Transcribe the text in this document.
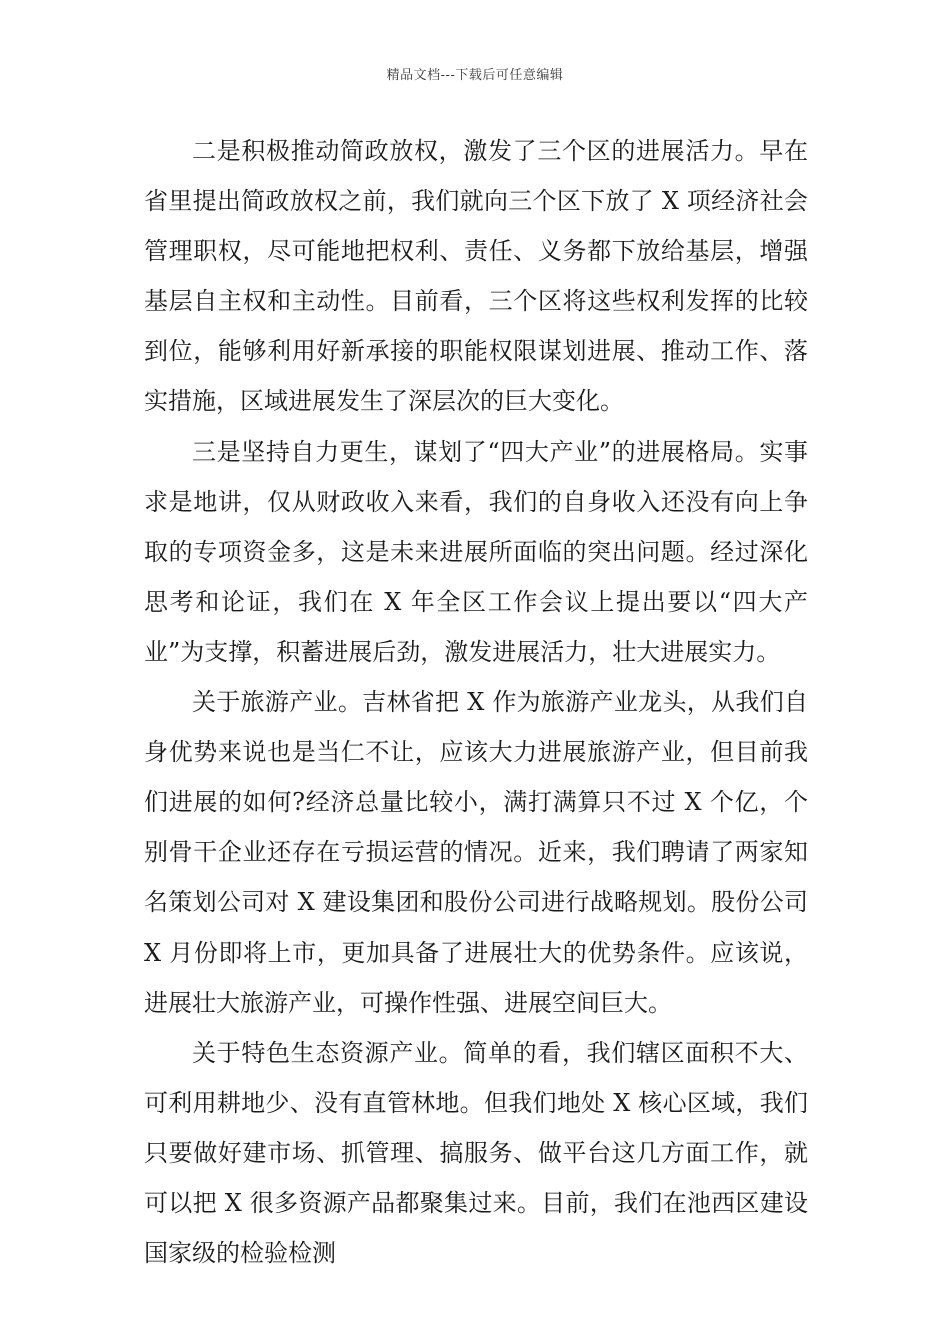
精品文档---下载后可任意编辑

二是积极推动简政放权，激发了三个区的进展活力。早在省里提出简政放权之前，我们就向三个区下放了 X 项经济社会管理职权，尽可能地把权利、责任、义务都下放给基层，增强基层自主权和主动性。目前看，三个区将这些权利发挥的比较到位，能够利用好新承接的职能权限谋划进展、推动工作、落实措施，区域进展发生了深层次的巨大变化。

三是坚持自力更生，谋划了“四大产业”的进展格局。实事求是地讲，仅从财政收入来看，我们的自身收入还没有向上争取的专项资金多，这是未来进展所面临的突出问题。经过深化思考和论证，我们在 X 年全区工作会议上提出要以“四大产业”为支撑，积蓄进展后劲，激发进展活力，壮大进展实力。

关于旅游产业。吉林省把 X 作为旅游产业龙头，从我们自身优势来说也是当仁不让，应该大力进展旅游产业，但目前我们进展的如何?经济总量比较小，满打满算只不过 X 个亿，个别骨干企业还存在亏损运营的情况。近来，我们聘请了两家知名策划公司对 X 建设集团和股份公司进行战略规划。股份公司 X 月份即将上市，更加具备了进展壮大的优势条件。应该说，进展壮大旅游产业，可操作性强、进展空间巨大。

关于特色生态资源产业。简单的看，我们辖区面积不大、可利用耕地少、没有直管林地。但我们地处 X 核心区域，我们只要做好建市场、抓管理、搞服务、做平台这几方面工作，就可以把 X 很多资源产品都聚集过来。目前，我们在池西区建设国家级的检验检测
